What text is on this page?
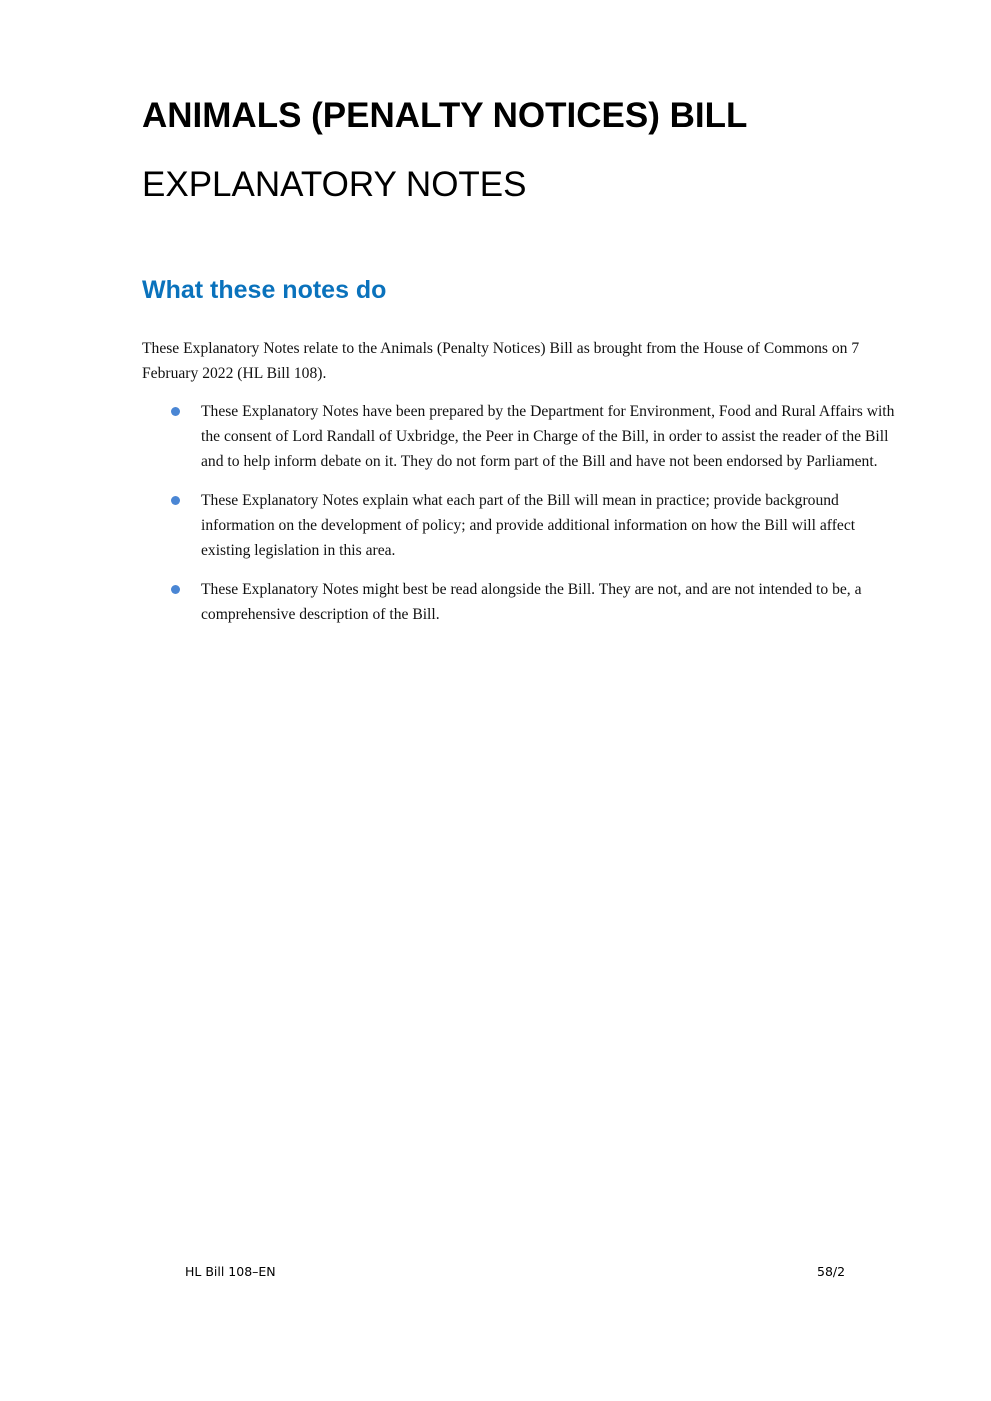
ANIMALS (PENALTY NOTICES) BILL
EXPLANATORY NOTES
What these notes do

These Explanatory Notes relate to the Animals (Penalty Notices) Bill as brought from the House of Commons on 7 February 2022 (HL Bill 108).

These Explanatory Notes have been prepared by the Department for Environment, Food and Rural Affairs with the consent of Lord Randall of Uxbridge, the Peer in Charge of the Bill, in order to assist the reader of the Bill and to help inform debate on it. They do not form part of the Bill and have not been endorsed by Parliament.
These Explanatory Notes explain what each part of the Bill will mean in practice; provide background information on the development of policy; and provide additional information on how the Bill will affect existing legislation in this area.
These Explanatory Notes might best be read alongside the Bill. They are not, and are not intended to be, a comprehensive description of the Bill.
HL Bill 108–EN	58/2
